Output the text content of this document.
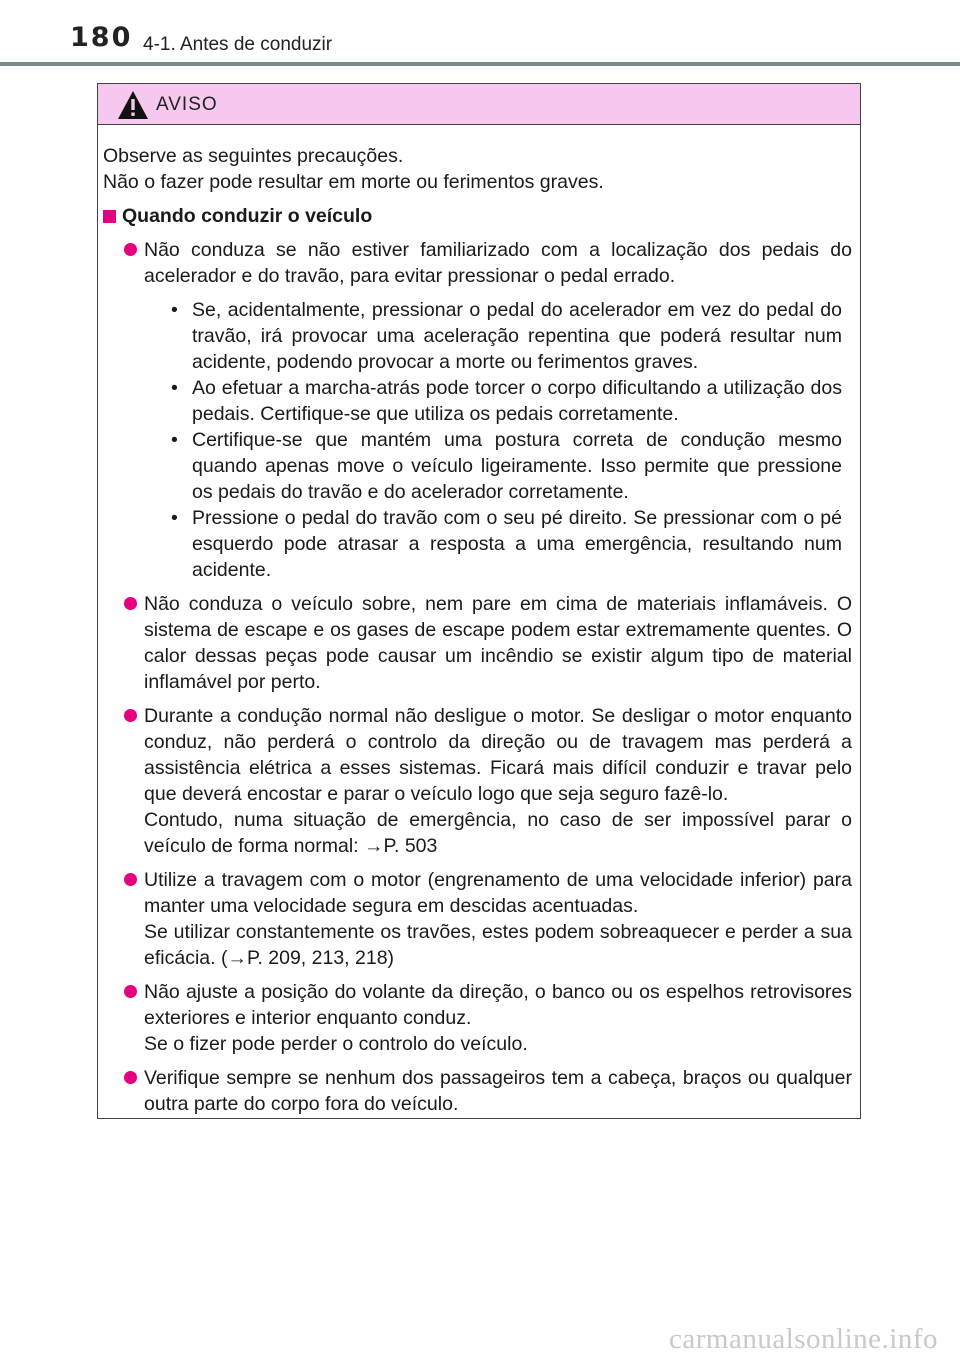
180 4-1. Antes de conduzir
AVISO

Observe as seguintes precauções.

Não o fazer pode resultar em morte ou ferimentos graves.

Quando conduzir o veículo

Não conduza se não estiver familiarizado com a localização dos pedais do acelerador e do travão, para evitar pressionar o pedal errado.

• Se, acidentalmente, pressionar o pedal do acelerador em vez do pedal do travão, irá provocar uma aceleração repentina que poderá resultar num acidente, podendo provocar a morte ou ferimentos graves.
• Ao efetuar a marcha-atrás pode torcer o corpo dificultando a utilização dos pedais. Certifique-se que utiliza os pedais corretamente.
• Certifique-se que mantém uma postura correta de condução mesmo quando apenas move o veículo ligeiramente. Isso permite que pressione os pedais do travão e do acelerador corretamente.
• Pressione o pedal do travão com o seu pé direito. Se pressionar com o pé esquerdo pode atrasar a resposta a uma emergência, resultando num acidente.

Não conduza o veículo sobre, nem pare em cima de materiais inflamáveis. O sistema de escape e os gases de escape podem estar extremamente quentes. O calor dessas peças pode causar um incêndio se existir algum tipo de material inflamável por perto.

Durante a condução normal não desligue o motor. Se desligar o motor enquanto conduz, não perderá o controlo da direção ou de travagem mas perderá a assistência elétrica a esses sistemas. Ficará mais difícil conduzir e travar pelo que deverá encostar e parar o veículo logo que seja seguro fazê-lo.

Contudo, numa situação de emergência, no caso de ser impossível parar o veículo de forma normal: →P. 503

Utilize a travagem com o motor (engrenamento de uma velocidade inferior) para manter uma velocidade segura em descidas acentuadas.

Se utilizar constantemente os travões, estes podem sobreaquecer e perder a sua eficácia. (→P. 209, 213, 218)

Não ajuste a posição do volante da direção, o banco ou os espelhos retrovisores exteriores e interior enquanto conduz.

Se o fizer pode perder o controlo do veículo.

Verifique sempre se nenhum dos passageiros tem a cabeça, braços ou qualquer outra parte do corpo fora do veículo.

carmanualsonline.info
